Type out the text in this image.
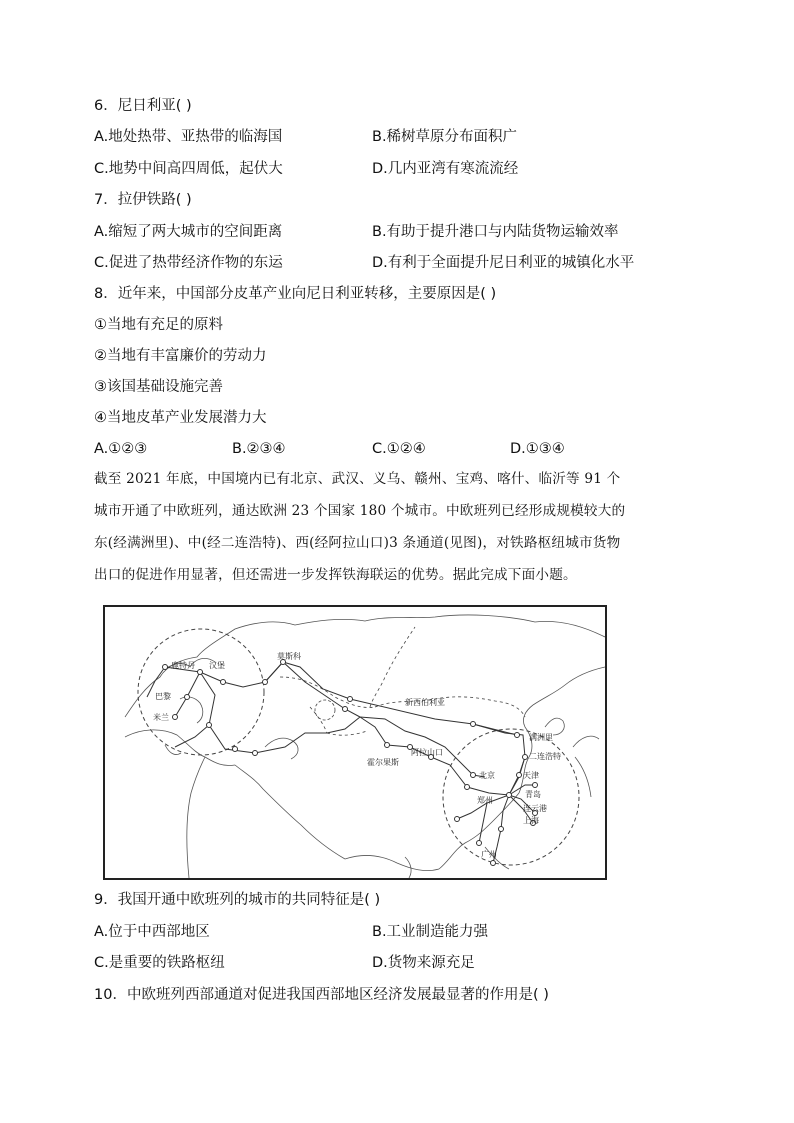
6．尼日利亚( )
A.地处热带、亚热带的临海国	B.稀树草原分布面积广
C.地势中间高四周低，起伏大	D.几内亚湾有寒流流经
7．拉伊铁路( )
A.缩短了两大城市的空间距离	B.有助于提升港口与内陆货物运输效率
C.促进了热带经济作物的东运	D.有利于全面提升尼日利亚的城镇化水平
8．近年来，中国部分皮革产业向尼日利亚转移，主要原因是( )
①当地有充足的原料
②当地有丰富廉价的劳动力
③该国基础设施完善
④当地皮革产业发展潜力大
A.①②③	B.②③④	C.①②④	D.①③④
截至 2021 年底，中国境内已有北京、武汉、义乌、赣州、宝鸡、喀什、临沂等 91 个
城市开通了中欧班列，通达欧洲 23 个国家 180 个城市。中欧班列已经形成规模较大的
东(经满洲里)、中(经二连浩特)、西(经阿拉山口)3 条通道(见图)，对铁路枢纽城市货物
出口的促进作用显著，但还需进一步发挥铁海联运的优势。据此完成下面小题。
鹿特丹 汉堡
巴黎
米兰
莫斯科
新西伯利亚
满洲里
阿拉山口
霍尔果斯
北京
二连浩特
天津
青岛
连云港
郑州
上海
广州
9．我国开通中欧班列的城市的共同特征是( )
A.位于中西部地区	B.工业制造能力强
C.是重要的铁路枢纽	D.货物来源充足
10．中欧班列西部通道对促进我国西部地区经济发展最显著的作用是( )
